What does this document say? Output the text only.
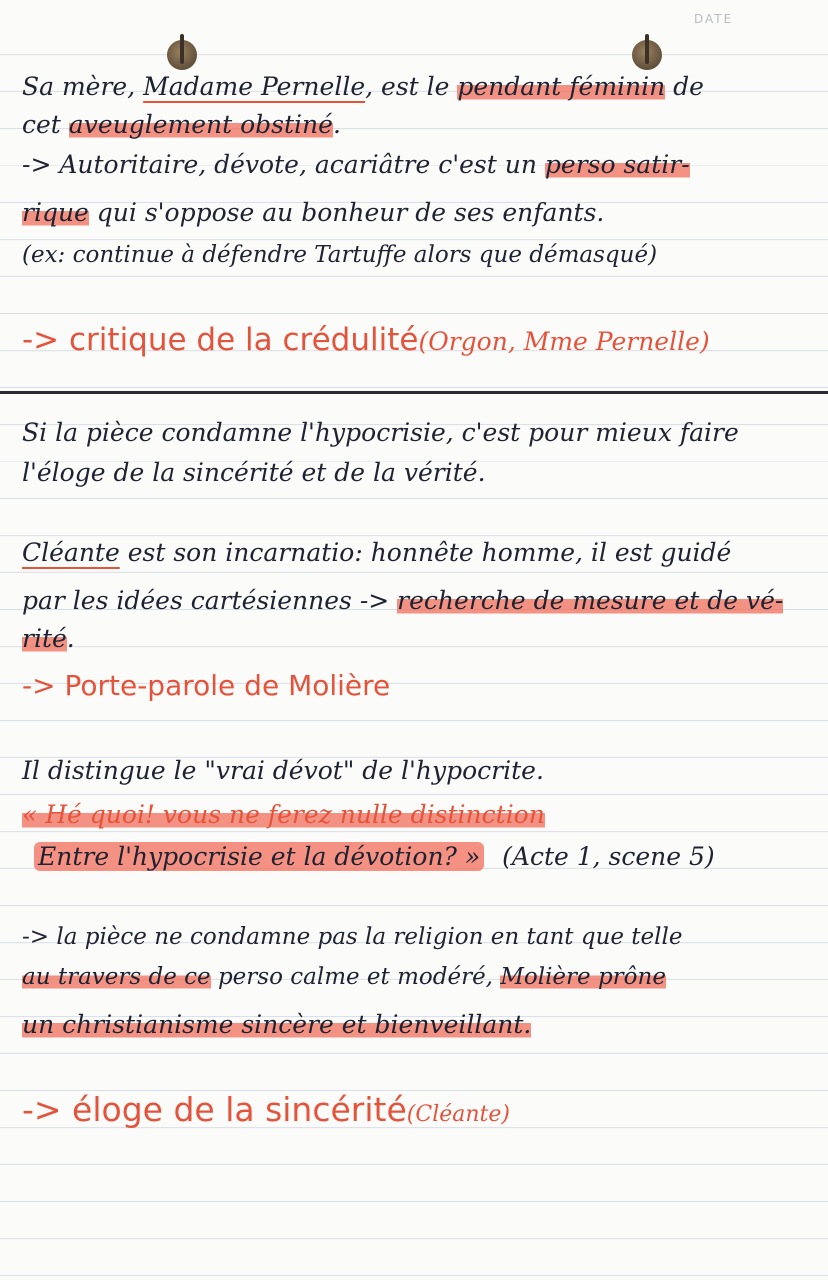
DATE
Sa mère, Madame Pernelle, est le pendant féminin de
cet aveuglement obstiné.
-> Autoritaire, dévote, acariâtre c'est un perso satir-
rique qui s'oppose au bonheur de ses enfants.
(ex: continue à défendre Tartuffe alors que démasqué)
-> critique de la crédulité(Orgon, Mme Pernelle)
Si la pièce condamne l'hypocrisie, c'est pour mieux faire
l'éloge de la sincérité et de la vérité.
Cléante est son incarnatio: honnête homme, il est guidé
par les idées cartésiennes -> recherche de mesure et de vé-
rité.
-> Porte-parole de Molière
Il distingue le "vrai dévot" de l'hypocrite.
« Hé quoi! vous ne ferez nulle distinction
Entre l'hypocrisie et la dévotion? » (Acte 1, scene 5)
-> la pièce ne condamne pas la religion en tant que telle
au travers de ce perso calme et modéré, Molière prône
un christianisme sincère et bienveillant.
-> éloge de la sincérité(Cléante)
